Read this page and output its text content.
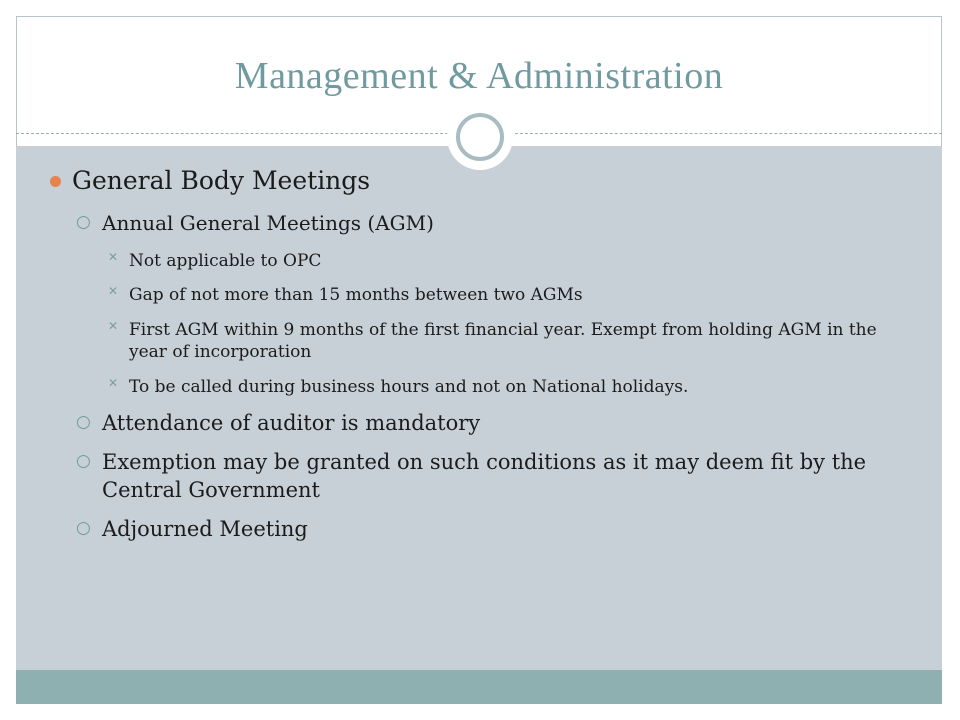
Management & Administration
General Body Meetings
○ Annual General Meetings (AGM)
✕ Not applicable to OPC
✕ Gap of not more than 15 months between two AGMs
✕ First AGM within 9 months of the first financial year. Exempt from holding AGM in the year of incorporation
✕ To be called during business hours and not on National holidays.
○ Attendance of auditor is mandatory
○ Exemption may be granted on such conditions as it may deem fit by the Central Government
○ Adjourned Meeting
